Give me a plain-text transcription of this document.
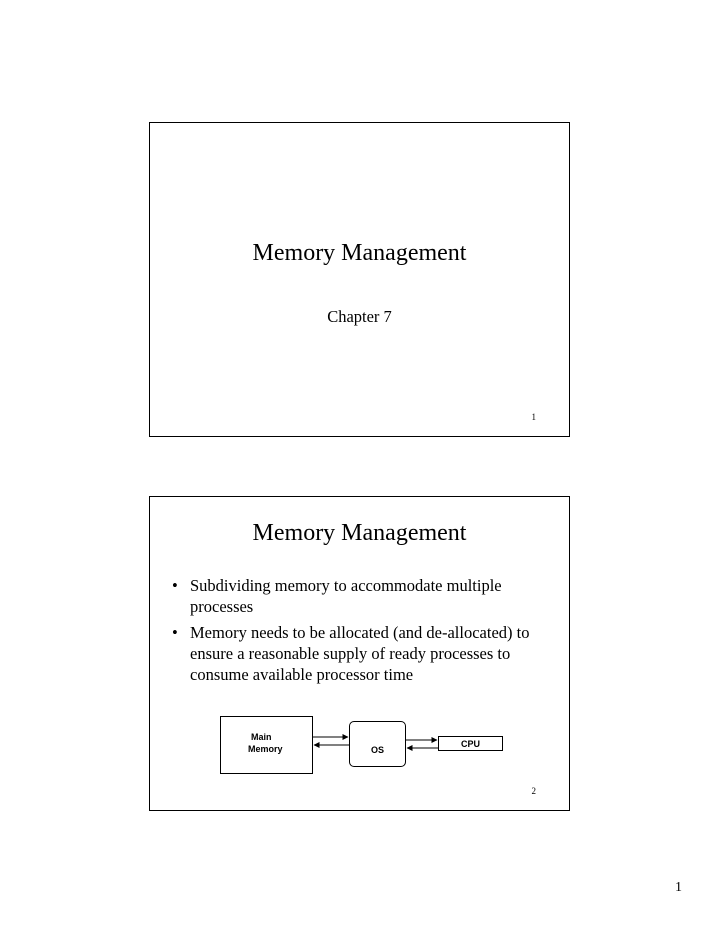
Memory Management
Chapter 7
1
Memory Management
• Subdividing memory to accommodate multiple processes
• Memory needs to be allocated (and de-allocated) to ensure a reasonable supply of ready processes to consume available processor time
Main
Memory	OS
CPU
2
1
